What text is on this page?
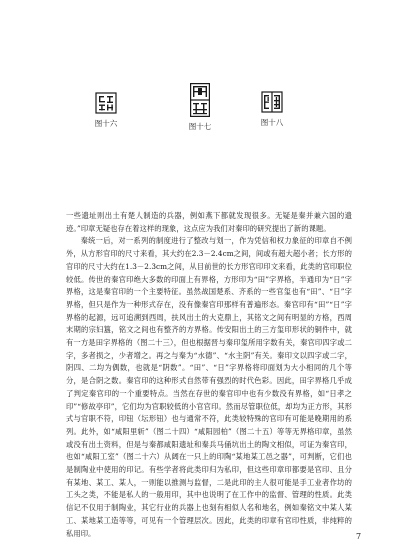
图十六	图十七	图十八

一些遗址则出土有楚人制造的兵器，例如燕下都就发现很多。无疑是秦并兼六国的遗迹。”印章无疑也存在着这样的现象，这点应为我们对秦印的研究提出了新的课题。

秦统一后，对一系列的制度进行了整改与划一，作为凭信和权力象征的印章自不例外，从方形官印的尺寸来看，其大约在2.3－2.4cm之间，间或有超大超小者；长方形的官印的尺寸大约在1.3－2.3cm之间，从目前世的长方形官印印文来看，此类的官印职位较低。传世的秦官印绝大多数的印面上有界格，方形印为“田”字界格，半通印为“日”字界格，这是秦官印的一个主要特征。虽然战国楚系、齐系的一些官玺也有“田”、“日”字界格，但只是作为一种形式存在，没有像秦官印那样有普遍形态。秦官印有“田”“日”字界格的起源，远可追溯到西周，扶风出土的大克鼎上，其铭文之间有明显的方格，西周末期的宗妇簋，铭文之间也有整齐的方界格。传安阳出土的三方玺印形状的铜件中，就有一方是田字界格的（图二十三），但也根据晋与秦印玺所用字数有关，秦官印四字或二字，多者损之，少者增之。再之与秦为“水德”、“水主阴”有关。秦印文以四字或二字，阴四、二均为偶数，也就是“阴数”。“田”、“日”字界格将印面划为大小相同的几个等分，是合阴之数。秦官印的这种形式自然带有强烈的时代色彩。因此，田字界格几乎成了判定秦官印的一个重要特点。当然在存世的秦官印中也有少数没有界格，如“日孝之印”“修故亭印”，它们均为官职较低的小官官印。然而尽管职位低，却均为正方形，其形式与官职不符，印钮（坛形钮）也与通常不符，此类较特殊的官印有可能是晚期用的系列。此外，如“咸阳里斩”（图二十四）“咸阳园柏”（图二十五）等等无界格印章，虽然或没有出土资料，但是与秦都咸阳遗址和秦兵马俑坑出土的陶文相似，可证为秦官印，也如“咸阳工室”（图二十六）从阔在一只上的印陶“某地某工邑之器”，可判断，它们也是制陶业中使用的印记。有些学者将此类印归为私印，但这些印章印都要是官印、且分有某地、某工、某人，一则能以推测与监督，二是此印的主人很可能是手工业者作坊的工头之类，不能是私人的一般用印，其中也说明了在工作中的监督、管理的性质。此类信记不仅用于制陶业，其它行业的兵器上也刻有相似人名和地名，例如秦铭文中某人某工、某地某工造等等，可见有一个管理层次。因此，此类的印章有官印性质，非纯粹的私用印。	7
